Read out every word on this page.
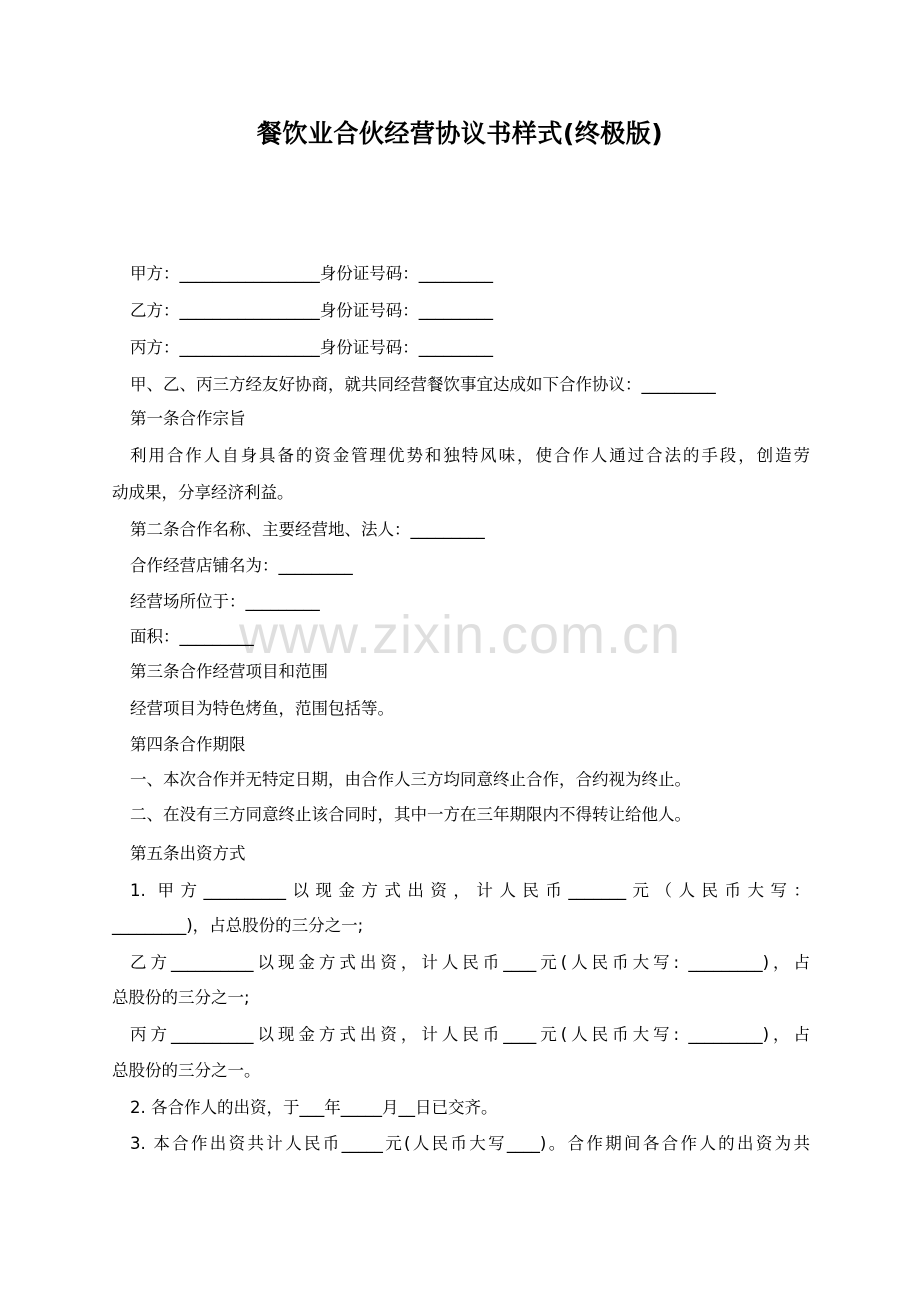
餐饮业合伙经营协议书样式(终极版)
www.zixin.com.cn
甲方：_________________身份证号码：_________
乙方：_________________身份证号码：_________
丙方：_________________身份证号码：_________
甲、乙、丙三方经友好协商，就共同经营餐饮事宜达成如下合作协议：_________
第一条合作宗旨
利用合作人自身具备的资金管理优势和独特风味，使合作人通过合法的手段，创造劳
动成果，分享经济利益。
第二条合作名称、主要经营地、法人：_________
合作经营店铺名为：_________
经营场所位于：_________
面积：_________
第三条合作经营项目和范围
经营项目为特色烤鱼，范围包括等。
第四条合作期限
一、本次合作并无特定日期，由合作人三方均同意终止合作，合约视为终止。
二、在没有三方同意终止该合同时，其中一方在三年期限内不得转让给他人。
第五条出资方式
1. 甲方__________以现金方式出资，计人民币_______元（人民币大写：
_________)，占总股份的三分之一;
乙方__________以现金方式出资，计人民币____元(人民币大写: _________)，占
总股份的三分之一;
丙方__________以现金方式出资，计人民币____元(人民币大写: _________)，占
总股份的三分之一。
2. 各合作人的出资，于___年_____月__日已交齐。
3. 本合作出资共计人民币_____元(人民币大写____)。合作期间各合作人的出资为共
